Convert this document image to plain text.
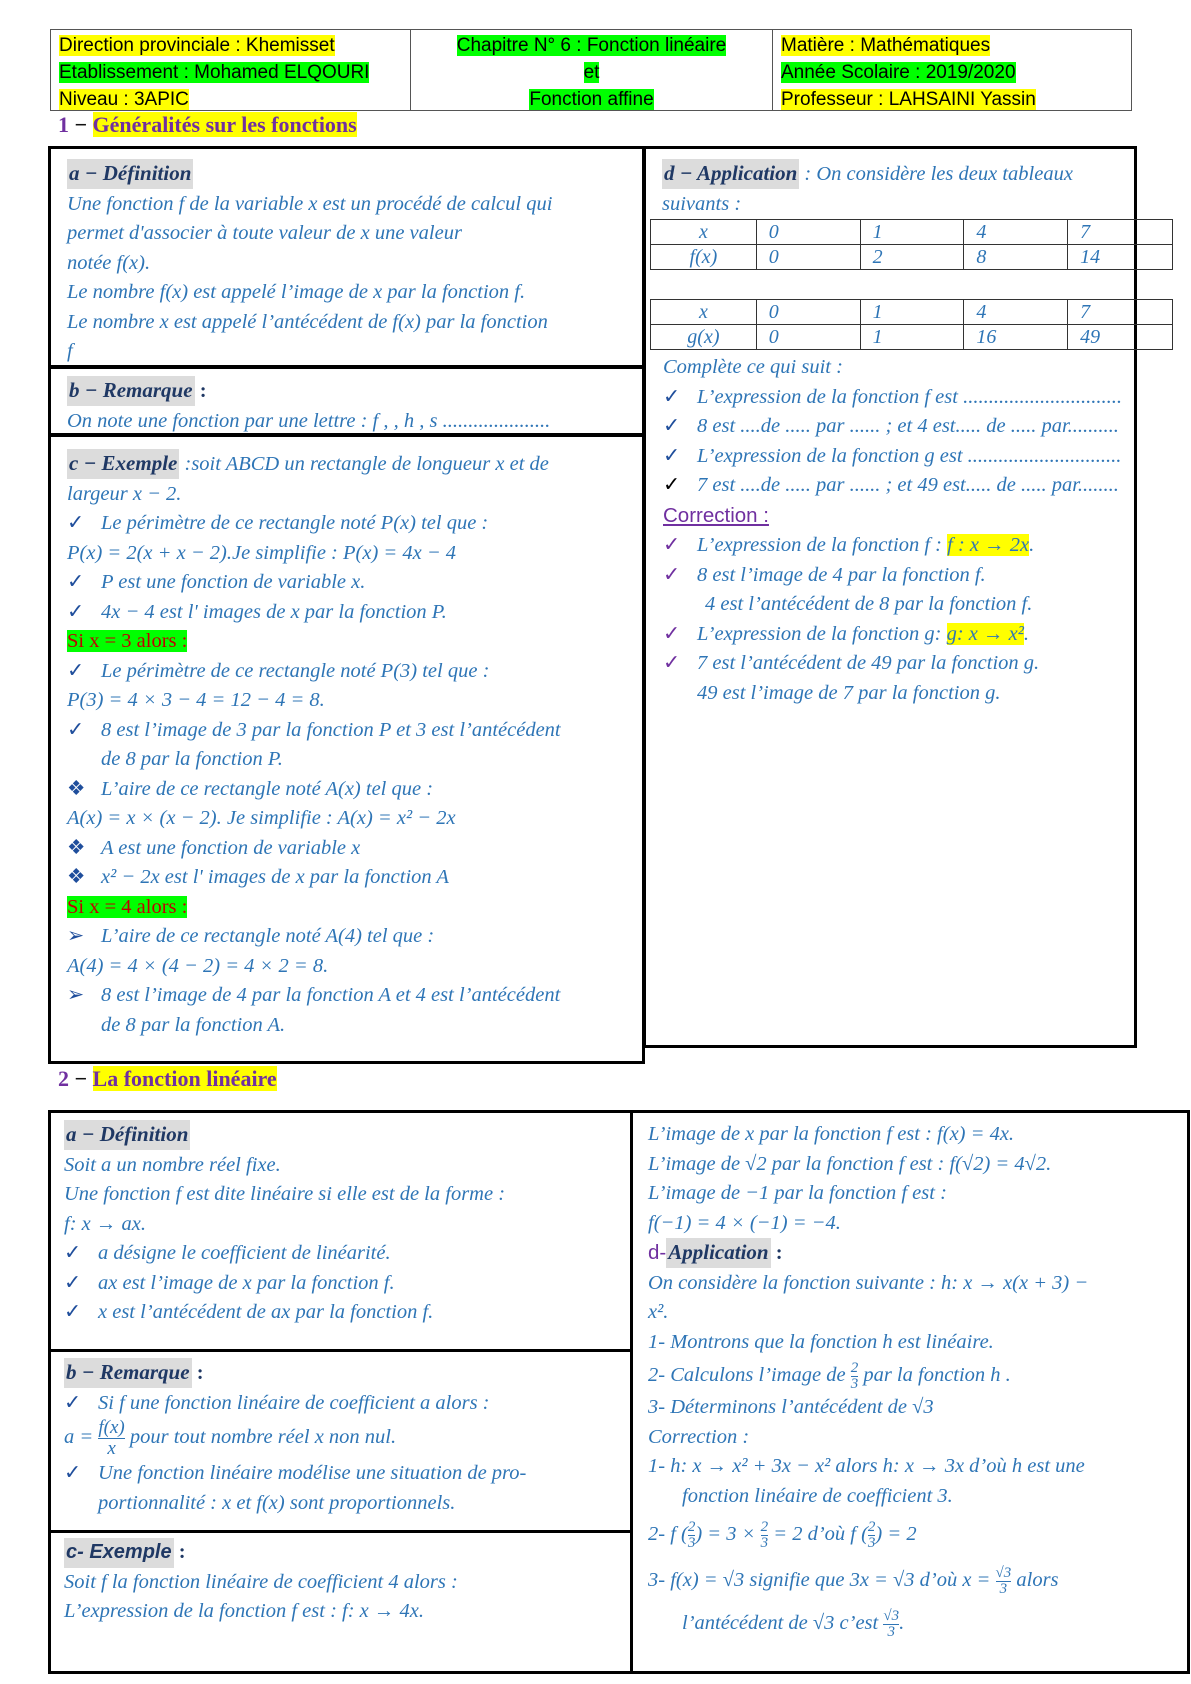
Direction provinciale : Khemisset
Etablissement : Mohamed ELQOURI
Niveau : 3APIC
Chapitre N° 6 : Fonction linéaire
et
Fonction affine
Matière : Mathématiques
Année Scolaire : 2019/2020
Professeur : LAHSAINI Yassin
1 − Généralités sur les fonctions
a − Définition
Une fonction f de la variable x est un procédé de calcul qui
permet d'associer à toute valeur de x une valeur
notée f(x).
Le nombre f(x) est appelé l’image de x par la fonction f.
Le nombre x est appelé l’antécédent de f(x) par la fonction
f
b − Remarque :
On note une fonction par une lettre : f , , h , s .....................
c − Exemple :soit ABCD un rectangle de longueur x et de
largeur x − 2.
✓ Le périmètre de ce rectangle noté P(x) tel que :
P(x) = 2(x + x − 2).Je simplifie : P(x) = 4x − 4
✓ P est une fonction de variable x.
✓ 4x − 4 est l' images de x par la fonction P.
Si x = 3 alors :
✓ Le périmètre de ce rectangle noté P(3) tel que :
P(3) = 4 × 3 − 4 = 12 − 4 = 8.
✓ 8 est l’image de 3 par la fonction P et 3 est l’antécédent
de 8 par la fonction P.
❖ L’aire de ce rectangle noté A(x) tel que :
A(x) = x × (x − 2). Je simplifie : A(x) = x² − 2x
❖ A est une fonction de variable x
❖ x² − 2x est l' images de x par la fonction A
Si x = 4 alors :
➢ L’aire de ce rectangle noté A(4) tel que :
A(4) = 4 × (4 − 2) = 4 × 2 = 8.
➢ 8 est l’image de 4 par la fonction A et 4 est l’antécédent
de 8 par la fonction A.
d − Application : On considère les deux tableaux
suivants :
x	0	1	4	7
f(x)	0	2	8	14
x	0	1	4	7
g(x)	0	1	16	49
Complète ce qui suit :
✓ L’expression de la fonction f est ...............................
✓ 8 est ....de ..... par ...... ; et 4 est..... de ..... par..........
✓ L’expression de la fonction g est ..............................
✓ 7 est ....de ..... par ...... ; et 49 est..... de ..... par........
Correction :
✓ L’expression de la fonction f : f : x → 2x.
✓ 8 est l’image de 4 par la fonction f.
4 est l’antécédent de 8 par la fonction f.
✓ L’expression de la fonction g: g: x → x².
✓ 7 est l’antécédent de 49 par la fonction g.
49 est l’image de 7 par la fonction g.
2 − La fonction linéaire
a − Définition
Soit a un nombre réel fixe.
Une fonction f est dite linéaire si elle est de la forme :
f: x → ax.
✓ a désigne le coefficient de linéarité.
✓ ax est l’image de x par la fonction f.
✓ x est l’antécédent de ax par la fonction f.
b − Remarque :
✓ Si f une fonction linéaire de coefficient a alors :
$a = \frac{f(x)}{x}$ pour tout nombre réel x non nul.
✓ Une fonction linéaire modélise une situation de pro-
portionnalité : x et f(x) sont proportionnels.
c- Exemple :
Soit f la fonction linéaire de coefficient 4 alors :
L’expression de la fonction f est : f: x → 4x.
L’image de x par la fonction f est : f(x) = 4x.
L’image de √2 par la fonction f est : f(√2) = 4√2.
L’image de −1 par la fonction f est :
f(−1) = 4 × (−1) = −4.
d-Application :
On considère la fonction suivante : h: x → x(x + 3) −
x².
1- Montrons que la fonction h est linéaire.
2- Calculons l’image de $\frac{2}{3}$ par la fonction h .
3- Déterminons l’antécédent de √3
Correction :
1- h: x → x² + 3x − x² alors h: x → 3x d’où h est une
fonction linéaire de coefficient 3.
2- f ( $\frac{2}{3}$ ) = $3 \times \frac{2}{3} = 2$ d’où f ( $\frac{2}{3}$ ) = 2
3- f(x) = √3 signifie que 3x = √3 d’où $x = \frac{√3}{3}$ alors
l’antécédent de √3 c’est $\frac{√3}{3}$ .
